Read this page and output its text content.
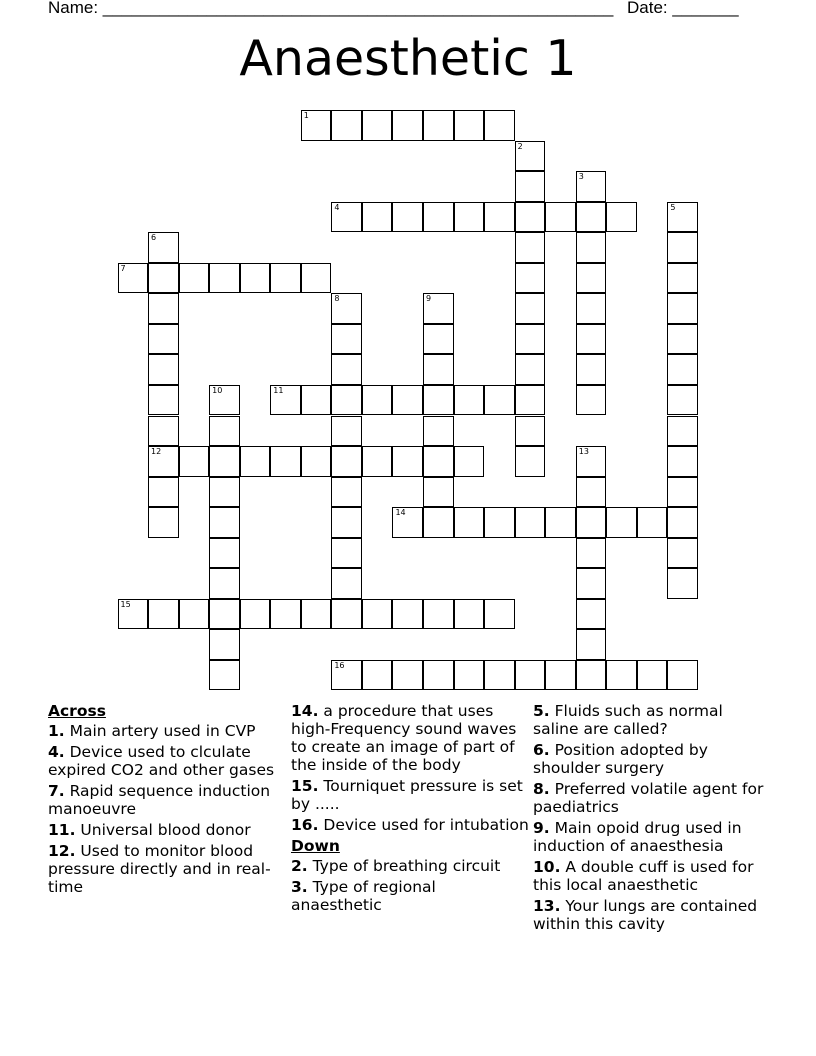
Name: ______________________________________________________ Date: _______
Anaesthetic 1
1
2
3
4	5
6
12
7
8	9
10	11
13
14
15
16
Across
1. Main artery used in CVP
4. Device used to clculate expired CO2 and other gases
7. Rapid sequence induction manoeuvre
11. Universal blood donor
12. Used to monitor blood pressure directly and in real-time
14. a procedure that uses high-Frequency sound waves to create an image of part of the inside of the body
15. Tourniquet pressure is set by .....
16. Device used for intubation
Down
2. Type of breathing circuit
3. Type of regional anaesthetic
5. Fluids such as normal saline are called?
6. Position adopted by shoulder surgery
8. Preferred volatile agent for paediatrics
9. Main opoid drug used in induction of anaesthesia
10. A double cuff is used for this local anaesthetic
13. Your lungs are contained within this cavity
